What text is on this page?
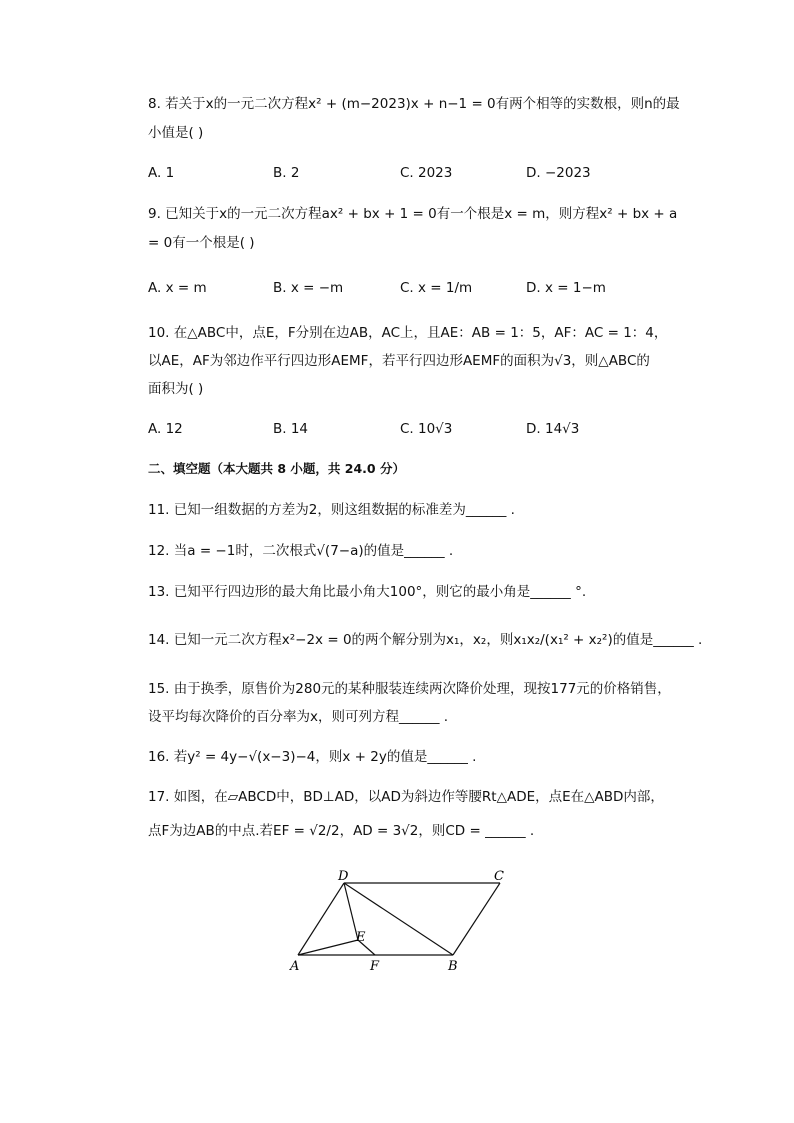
8. 若关于x的一元二次方程x² + (m−2023)x + n−1 = 0有两个相等的实数根，则n的最
小值是( )
A. 1	B. 2	C. 2023	D. −2023
9. 已知关于x的一元二次方程ax² + bx + 1 = 0有一个根是x = m，则方程x² + bx + a
= 0有一个根是( )
A. x = m	B. x = −m	C. x = 1/m	D. x = 1−m
10. 在△ABC中，点E，F分别在边AB，AC上，且AE：AB = 1：5，AF：AC = 1：4，
以AE，AF为邻边作平行四边形AEMF，若平行四边形AEMF的面积为√3，则△ABC的
面积为( )
A. 12	B. 14	C. 10√3	D. 14√3
二、填空题（本大题共 8 小题，共 24.0 分）
11. 已知一组数据的方差为2，则这组数据的标准差为______ .
12. 当a = −1时，二次根式√(7−a)的值是______ .
13. 已知平行四边形的最大角比最小角大100°，则它的最小角是______ °.
14. 已知一元二次方程x²−2x = 0的两个解分别为x₁，x₂，则x₁x₂/(x₁² + x₂²)的值是______ .
15. 由于换季，原售价为280元的某种服装连续两次降价处理，现按177元的价格销售，
设平均每次降价的百分率为x，则可列方程______ .
16. 若y² = 4y−√(x−3)−4，则x + 2y的值是______ .
17. 如图，在▱ABCD中，BD⊥AD，以AD为斜边作等腰Rt△ADE，点E在△ABD内部，
点F为边AB的中点.若EF = √2/2，AD = 3√2，则CD = ______ .
D	C
A	F	B
E
